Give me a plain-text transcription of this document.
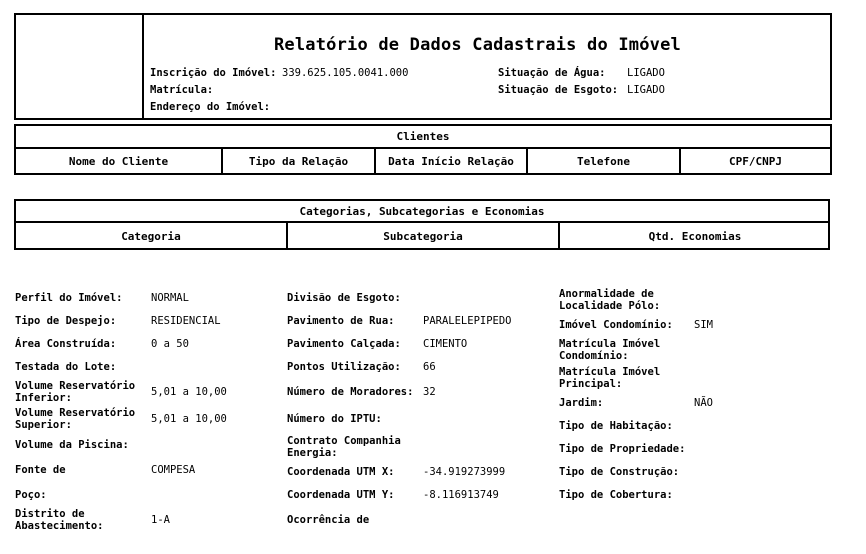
Relatório de Dados Cadastrais do Imóvel
Inscrição do Imóvel: 339.625.105.0041.000
Matrícula:
Endereço do Imóvel:
Situação de Água: LIGADO
Situação de Esgoto: LIGADO
Clientes
Nome do Cliente	Tipo da Relação	Data Início Relação	Telefone	CPF/CNPJ
Categorias, Subcategorias e Economias
Categoria	Subcategoria	Qtd. Economias
Perfil do Imóvel:	NORMAL
Tipo de Despejo:	RESIDENCIAL
Área Construída:	0 a 50
Testada do Lote:
Volume Reservatório Inferior:	5,01 a 10,00
Volume Reservatório Superior:	5,01 a 10,00
Volume da Piscina:
Fonte de	COMPESA
Poço:
Distrito de Abastecimento:	1-A
Divisão de Esgoto:
Pavimento de Rua:	PARALELEPIPEDO
Pavimento Calçada:	CIMENTO
Pontos Utilização:	66
Número de Moradores: 32
Número do IPTU:
Contrato Companhia Energia:
Coordenada UTM X:	-34.919273999
Coordenada UTM Y:	-8.116913749
Ocorrência de
Anormalidade de Localidade Pólo:
Imóvel Condomínio:	SIM
Matrícula Imóvel Condomínio:
Matrícula Imóvel Principal:
Jardim:	NÃO
Tipo de Habitação:
Tipo de Propriedade:
Tipo de Construção:
Tipo de Cobertura:
